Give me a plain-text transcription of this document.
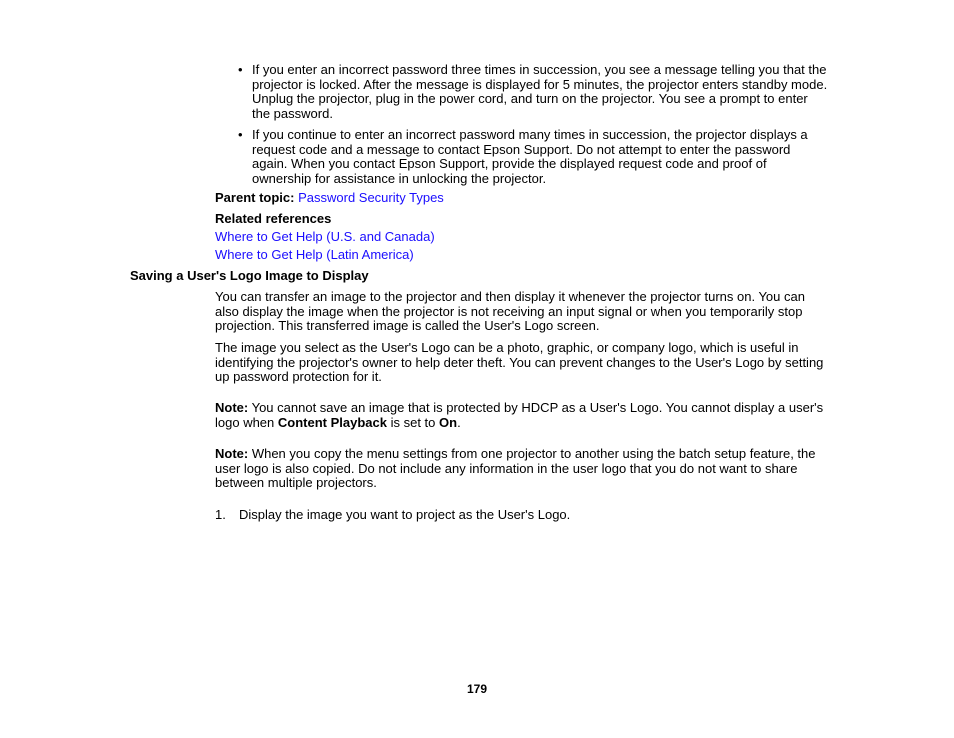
• If you enter an incorrect password three times in succession, you see a message telling you that the projector is locked. After the message is displayed for 5 minutes, the projector enters standby mode. Unplug the projector, plug in the power cord, and turn on the projector. You see a prompt to enter the password.
• If you continue to enter an incorrect password many times in succession, the projector displays a request code and a message to contact Epson Support. Do not attempt to enter the password again. When you contact Epson Support, provide the displayed request code and proof of ownership for assistance in unlocking the projector.
Parent topic: Password Security Types
Related references
Where to Get Help (U.S. and Canada)
Where to Get Help (Latin America)
Saving a User's Logo Image to Display
You can transfer an image to the projector and then display it whenever the projector turns on. You can also display the image when the projector is not receiving an input signal or when you temporarily stop projection. This transferred image is called the User's Logo screen.
The image you select as the User's Logo can be a photo, graphic, or company logo, which is useful in identifying the projector's owner to help deter theft. You can prevent changes to the User's Logo by setting up password protection for it.
Note: You cannot save an image that is protected by HDCP as a User's Logo. You cannot display a user's logo when Content Playback is set to On.
Note: When you copy the menu settings from one projector to another using the batch setup feature, the user logo is also copied. Do not include any information in the user logo that you do not want to share between multiple projectors.
1. Display the image you want to project as the User's Logo.
179
